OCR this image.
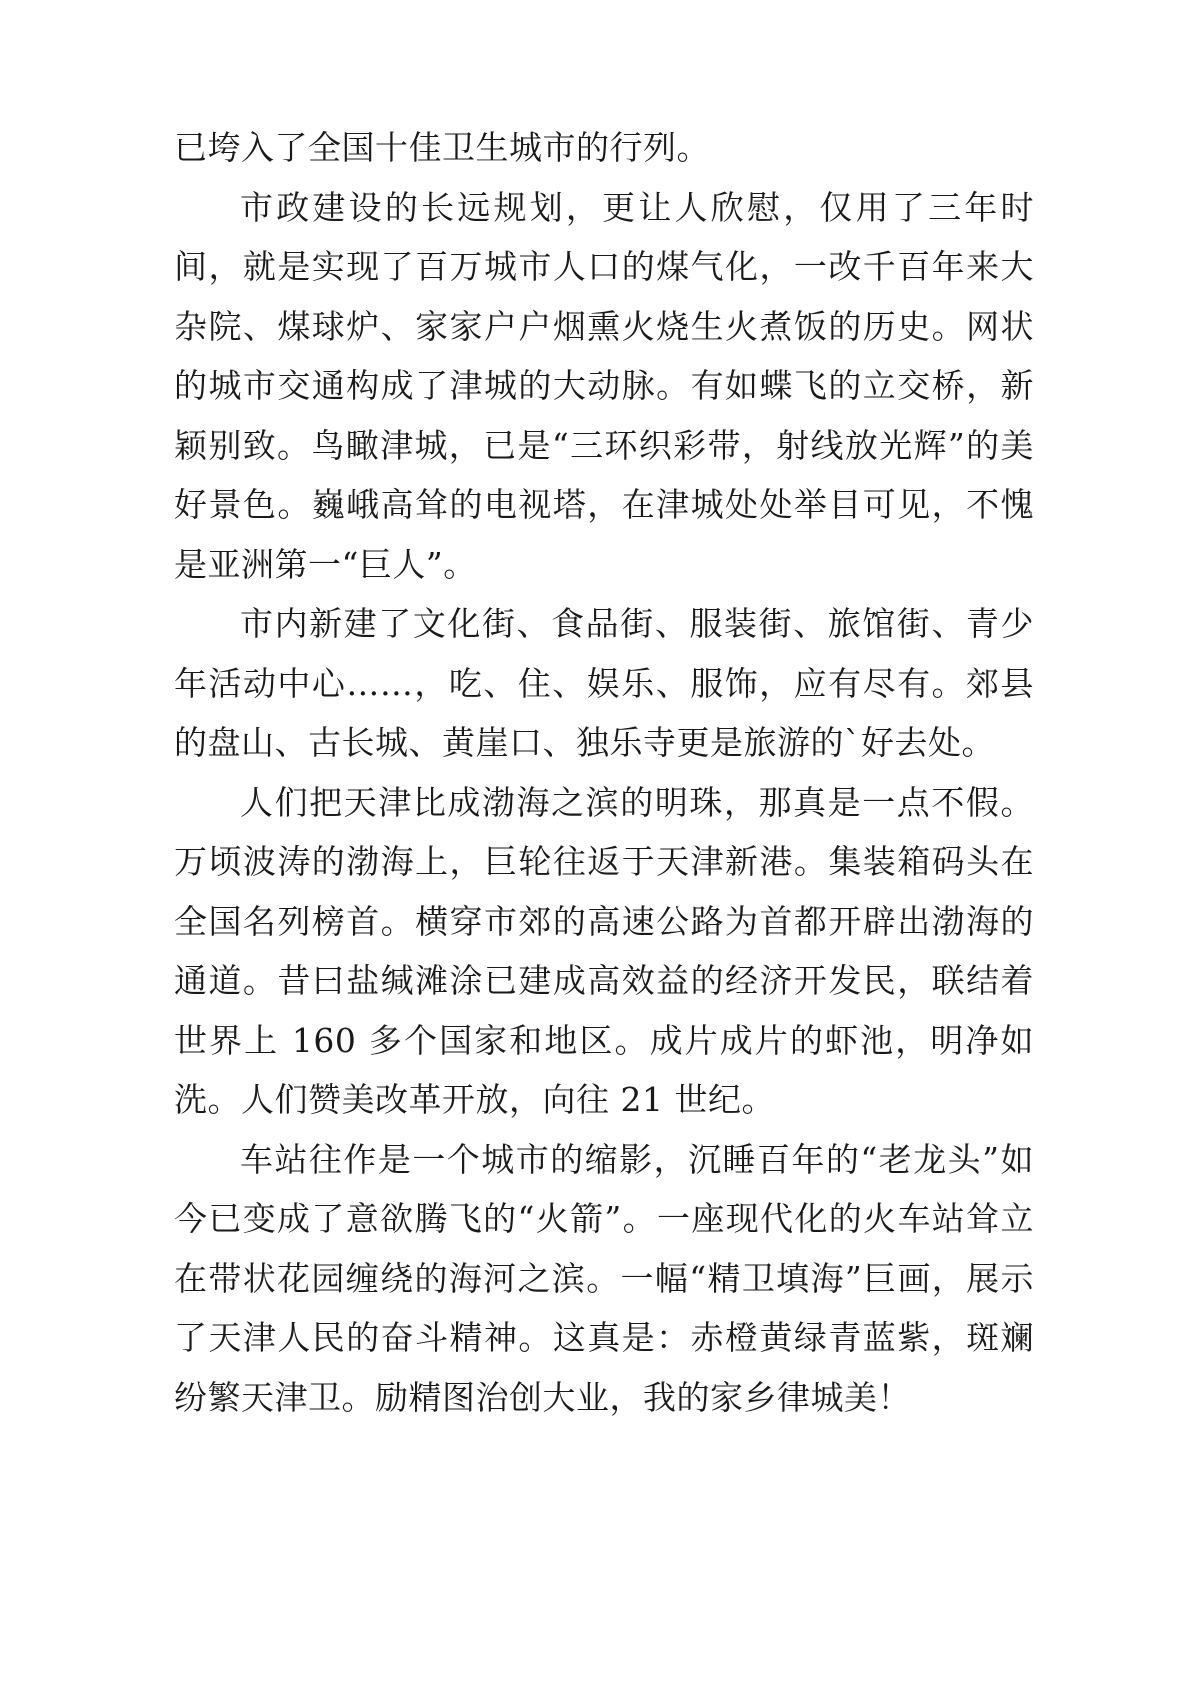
已垮入了全国十佳卫生城市的行列。

市政建设的长远规划，更让人欣慰，仅用了三年时间，就是实现了百万城市人口的煤气化，一改千百年来大杂院、煤球炉、家家户户烟熏火烧生火煮饭的历史。网状的城市交通构成了津城的大动脉。有如蝶飞的立交桥，新颖别致。鸟瞰津城，已是“三环织彩带，射线放光辉”的美好景色。巍峨高耸的电视塔，在津城处处举目可见，不愧是亚洲第一“巨人”。

市内新建了文化街、食品街、服装街、旅馆街、青少年活动中心……，吃、住、娱乐、服饰，应有尽有。郊县的盘山、古长城、黄崖口、独乐寺更是旅游的`好去处。

人们把天津比成渤海之滨的明珠，那真是一点不假。万顷波涛的渤海上，巨轮往返于天津新港。集装箱码头在全国名列榜首。横穿市郊的高速公路为首都开辟出渤海的通道。昔曰盐缄滩涂已建成高效益的经济开发民，联结着世界上 160 多个国家和地区。成片成片的虾池，明净如洗。人们赞美改革开放，向往 21 世纪。

车站往作是一个城市的缩影，沉睡百年的“老龙头”如今已变成了意欲腾飞的“火箭”。一座现代化的火车站耸立在带状花园缠绕的海河之滨。一幅“精卫填海”巨画，展示了天津人民的奋斗精神。这真是：赤橙黄绿青蓝紫，斑斓纷繁天津卫。励精图治创大业，我的家乡律城美！
